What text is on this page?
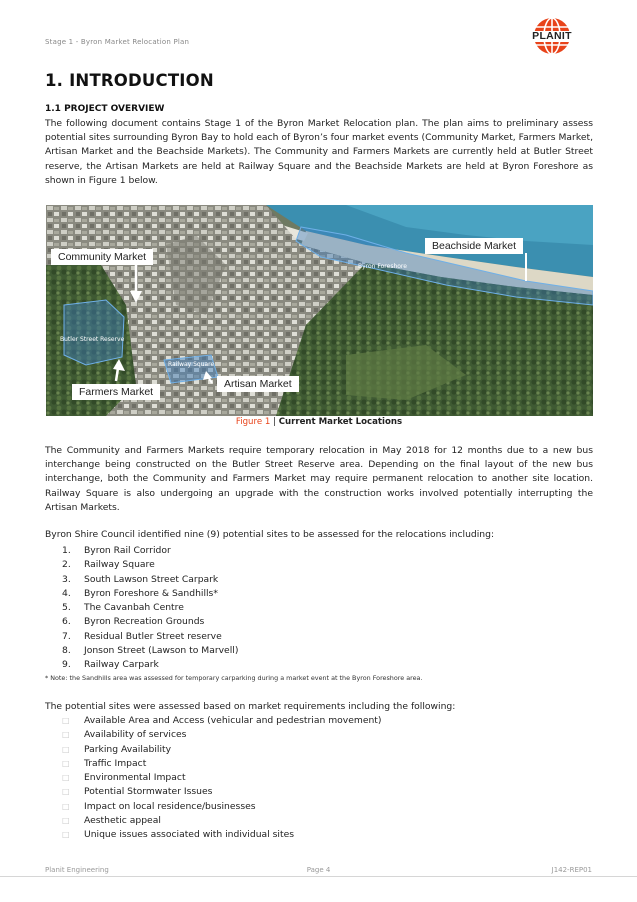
Stage 1 - Byron Market Relocation Plan	PLANIT
1. INTRODUCTION
1.1 PROJECT OVERVIEW
The following document contains Stage 1 of the Byron Market Relocation plan. The plan aims to preliminary assess potential sites surrounding Byron Bay to hold each of Byron’s four market events (Community Market, Farmers Market, Artisan Market and the Beachside Markets). The Community and Farmers Markets are currently held at Butler Street reserve, the Artisan Markets are held at Railway Square and the Beachside Markets are held at Byron Foreshore as shown in Figure 1 below.
Butler Street Reserve
Railway Square
Byron Foreshore
Community Market
Beachside Market
Farmers Market
Artisan Market
Figure 1 | Current Market Locations
The Community and Farmers Markets require temporary relocation in May 2018 for 12 months due to a new bus interchange being constructed on the Butler Street Reserve area. Depending on the final layout of the new bus interchange, both the Community and Farmers Market may require permanent relocation to another site location. Railway Square is also undergoing an upgrade with the construction works involved potentially interrupting the Artisan Markets.
Byron Shire Council identified nine (9) potential sites to be assessed for the relocations including:
1.	Byron Rail Corridor
2.	Railway Square
3.	South Lawson Street Carpark
4.	Byron Foreshore & Sandhills*
5.	The Cavanbah Centre
6.	Byron Recreation Grounds
7.	Residual Butler Street reserve
8.	Jonson Street (Lawson to Marvell)
9.	Railway Carpark
* Note: the Sandhills area was assessed for temporary carparking during a market event at the Byron Foreshore area.
The potential sites were assessed based on market requirements including the following:
□	Available Area and Access (vehicular and pedestrian movement)
□	Availability of services
□	Parking Availability
□	Traffic Impact
□	Environmental Impact
□	Potential Stormwater Issues
□	Impact on local residence/businesses
□	Aesthetic appeal
□	Unique issues associated with individual sites
Planit Engineering	Page 4	J142-REP01
